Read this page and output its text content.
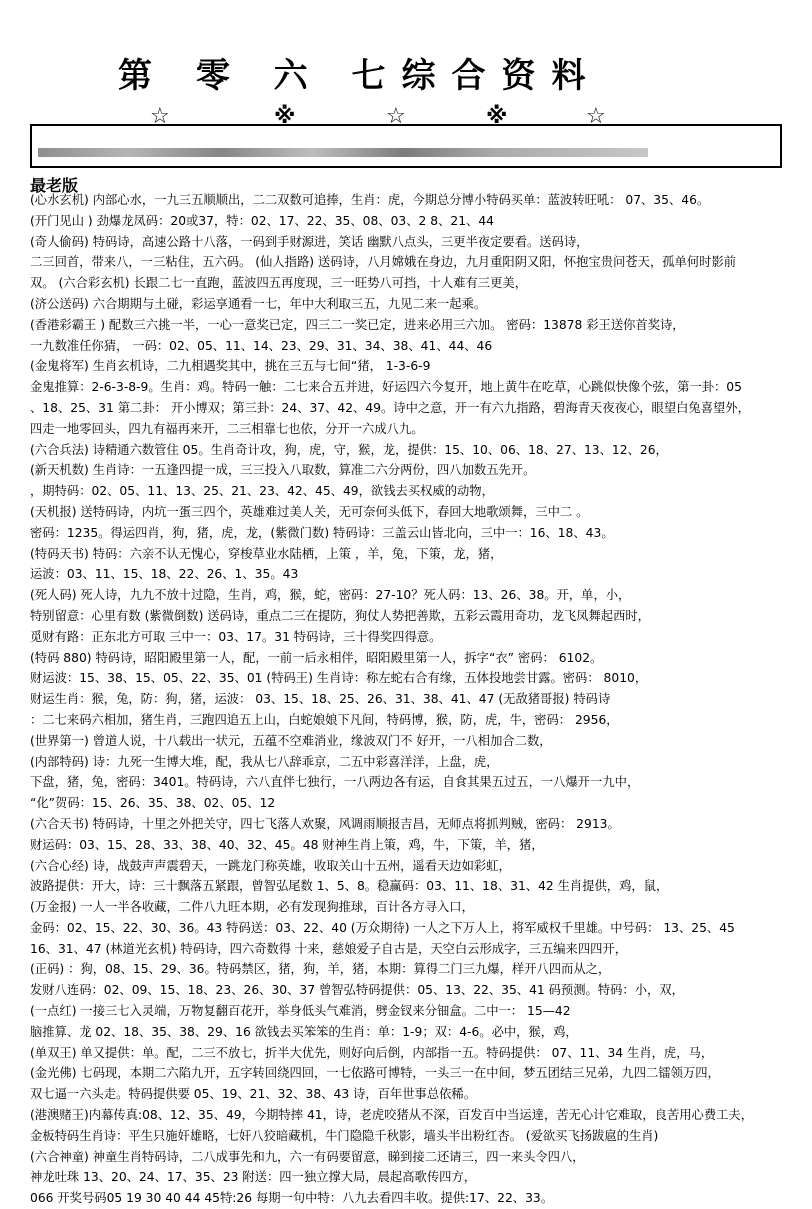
第 零 六 七综合资料
☆	※	☆	※	☆
最老版
(心水玄机) 内部心水，一九三五顺顺出，二二双数可追捧，生肖：虎，今期总分博小特码买单：蓝波转旺吼： 07、35、46。
(开门见山 ) 劲爆龙凤码：20或37，特：02、17、22、35、08、03、2 8、21、44
(奇人偷码) 特码诗，高速公路十八落，一码到手财源进，笑话 幽默八点头，三更半夜定要看。送码诗，
二三回首，带来八，一三粘住，五六码。 (仙人指路) 送码诗，八月嫦娥在身边，九月重阳阴又阳，怀抱宝贵问苍天，孤单何时影前
双。 (六合彩玄机) 长跟二七一直跑，蓝波四五再度现，三一旺势八可挡，十人难有三更美，
(济公送码) 六合期期与土碰，彩运享通看一七，年中大利取三五，九见二来一起乘。
(香港彩霸王 ) 配数三六挑一半，一心一意奖已定，四三二一奖已定，进来必用三六加。 密码：13878 彩王送你首奖诗，
一九数准任你猜， 一码：02、05、11、14、23、29、31、34、38、41、44、46
(金鬼将军) 生肖玄机诗，二九相遇奖其中，挑在三五与七间“猪， 1-3-6-9
金鬼推算：2-6-3-8-9。生肖：鸡。特码一触：二七来合五并进，好运四六今复开，地上黄牛在吃草，心跳似快像个弦，第一卦：05
、18、25、31 第二卦： 开小博双；第三卦：24、37、42、49。诗中之意，开一有六九指路，碧海青天夜夜心，眼望白兔喜望外，
四走一地零回头，四九有福再来开，二三相靠七也依，分开一六成八九。
(六合兵法) 诗精通六数管住 05。生肖奇计攻，狗，虎，守，猴，龙，提供：15、10、06、18、27、13、12、26，
(新天机数) 生肖诗：一五逢四提一成，三三投入八取数，算准二六分两份，四八加数五先开。
，期特码：02、05、11、13、25、21、23、42、45、49，欲钱去买权威的动物，
(天机报) 送特码诗，内坑一蛋三四个，英雄难过美人关，无可奈何头低下，春回大地歌颂舞，三中二 。
密码：1235。得运四肖，狗，猪，虎，龙，(紫微门数) 特码诗：三盖云山皆北向，三中一：16、18、43。
(特码天书) 特码：六亲不认无愧心，穿梭草业水陆栖，上策 ，羊，兔，下策，龙，猪，
运波：03、11、15、18、22、26、1、35。43
(死人码) 死人诗，九九不放十过隐，生肖，鸡，猴，蛇，密码：27-10？死人码：13、26、38。开，单，小，
特别留意：心里有数 (紫微倒数) 送码诗，重点二三在提防，狗仗人势把善欺，五彩云霞用奇功，龙飞凤舞起西时，
觅财有路：正东北方可取 三中一：03、17。31 特码诗，三十得奖四得意。
(特码 880) 特码诗，昭阳殿里第一人，配，一前一后永相伴，昭阳殿里第一人，拆字“衣” 密码： 6102。
财运波：15、38、15、05、22、35、01 (特码王) 生肖诗：称左蛇右合有缘，五体投地尝甘露。密码： 8010，
财运生肖：猴，兔，防：狗，猪，运波： 03、15、18、25、26、31、38、41、47 (无敌猪哥报) 特码诗
：二七来码六相加，猪生肖，三跑四追五上山，白蛇娘娘下凡间，特码博，猴，防，虎，牛，密码： 2956，
(世界第一) 曾道人说，十八载出一状元，五蕴不空难消业，缘波双门不 好开，一八相加合二数，
(内部特码) 诗：九死一生博大堆，配，我从七八辞乖京，二五中彩喜洋洋，上盘，虎，
下盘，猪，兔，密码：3401。特码诗，六八直伴七独行，一八两边各有运，自食其果五过五，一八爆开一九中，
“化”贺码：15、26、35、38、02、05、12
(六合天书) 特码诗，十里之外把关守，四七飞落人欢聚，风调雨顺报吉昌，无师点将抓判贼，密码： 2913。
财运码：03、15、28、33、38、40、32、45。48 财神生肖上策，鸡，牛，下策，羊，猪，
(六合心经) 诗，战鼓声声震碧天，一跳龙门称英雄，收取关山十五州，遥看天边如彩虹，
波路提供：开大，诗：三十飘落五紧跟，曾智弘尾数 1、5、8。稳赢码：03、11、18、31、42 生肖提供，鸡，鼠，
(万金报) 一人一半各收藏，二件八九旺本期，必有发现狗推球，百计各方寻入口，
金码：02、15、22、30、36。43 特码送：03、22、40 (万众期待) 一人之下万人上，将军威权千里雄。中号码： 13、25、45
16、31、47 (林道光玄机) 特码诗，四六奇数得 十来，慈娘爱子自古是，天空白云形成字，三五编来四四开，
(正码) ：狗，08、15、29、36。特码禁区，猪，狗，羊，猪，本期：算得二门三九爆，样开八四而从之，
发财八连码：02、09、15、18、23、26、30、37 曾智弘特码提供：05、13、22、35、41 码预测。特码：小，双，
(一点红) 一接三七入灵端，万物复翻百花开，举身低头气难消，劈金钗来分钿盒。二中一： 15—42
脑推算、龙 02、18、35、38、29、16 欲钱去买笨笨的生肖：单：1-9；双：4-6。必中，猴，鸡，
(单双王) 单又提供：单。配，二三不放七，折半大优先，则好向后倒，内部指一五。特码提供： 07、11、34 生肖，虎，马，
(金光佛) 七码现，本期二六陷九开，五字转回绕四回，一七依路可博特，一头三一在中间，梦五团结三兄弟，九四二镭领万四，
双七逼一六头走。特码提供要 05、19、21、32、38、43 诗，百年世事总依稀。
(港澳赌王)内幕传真:08、12、35、49，今期特摔 41，诗，老虎咬猪从不深，百发百中当运達，苦无心计它难取，良苦用心费工夫，
金板特码生肖诗：平生只施奸雄略，七奸八狡暗藏机，牛门隐隐千秋影，墙头半出粉红杏。 (爱欲买飞扬跋扈的生肖)
(六合神童) 神童生肖特码诗，二八成事先和九，六一有码要留意，睇到接二还请三，四一来头令四八，
神龙吐珠 13、20、24、17、35、23 附送：四一独立撑大局，晨起高歌传四方，
066 开奖号码05 19 30 40 44 45特:26 每期一句中特：八九去看四丰收。提供:17、22、33。
